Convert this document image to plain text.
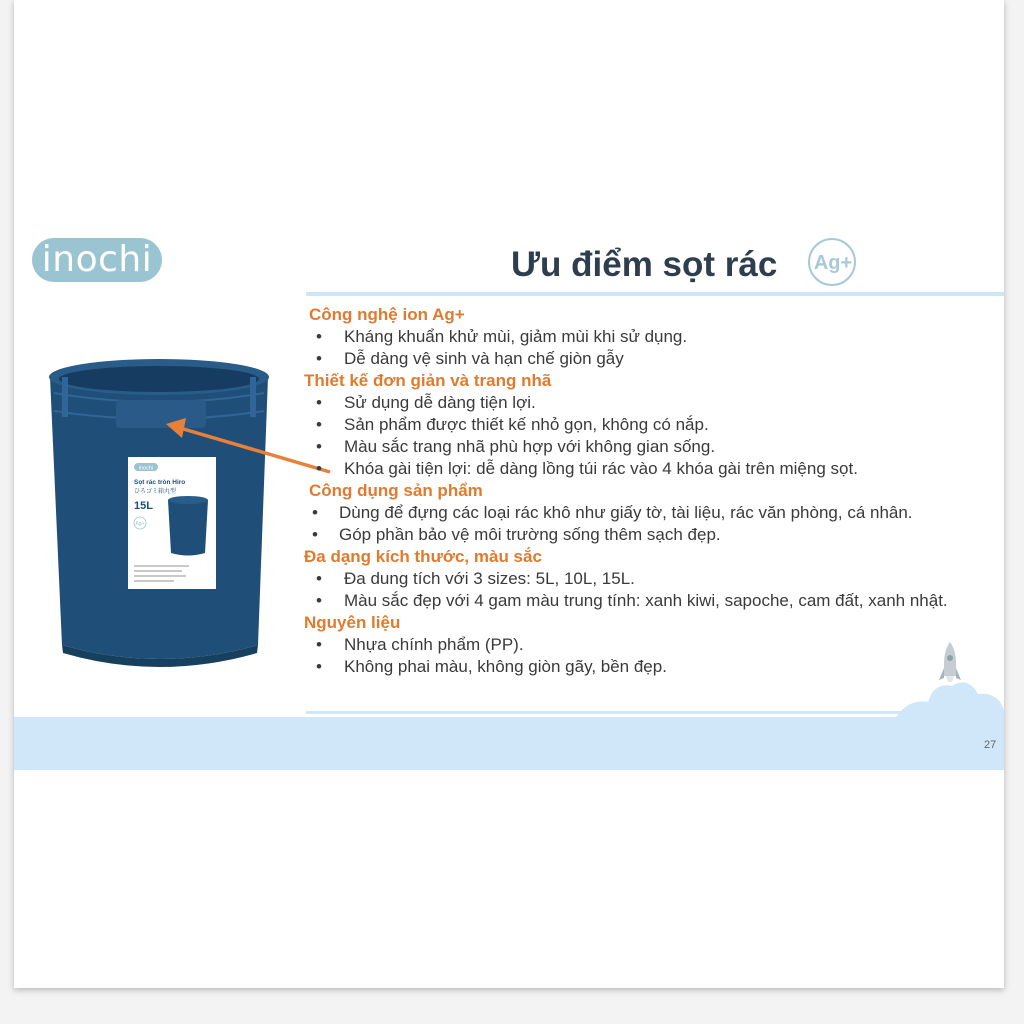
inochi	Ưu điểm sọt rác Ag+
inochi
Sọt rác tròn Hiro
ひろゴミ箱丸型
15L
Ag+
Công nghệ ion Ag+
• Kháng khuẩn khử mùi, giảm mùi khi sử dụng.
• Dễ dàng vệ sinh và hạn chế giòn gẫy
Thiết kế đơn giản và trang nhã
• Sử dụng dễ dàng tiện lợi.
• Sản phẩm được thiết kế nhỏ gọn, không có nắp.
• Màu sắc trang nhã phù hợp với không gian sống.
• Khóa gài tiện lợi: dễ dàng lồng túi rác vào 4 khóa gài trên miệng sọt.
Công dụng sản phẩm
• Dùng để đựng các loại rác khô như giấy tờ, tài liệu, rác văn phòng, cá nhân.
• Góp phần bảo vệ môi trường sống thêm sạch đẹp.
Đa dạng kích thước, màu sắc
• Đa dung tích với 3 sizes: 5L, 10L, 15L.
• Màu sắc đẹp với 4 gam màu trung tính: xanh kiwi, sapoche, cam đất, xanh nhật.
Nguyên liệu
• Nhựa chính phẩm (PP).
• Không phai màu, không giòn gãy, bền đẹp.
27
